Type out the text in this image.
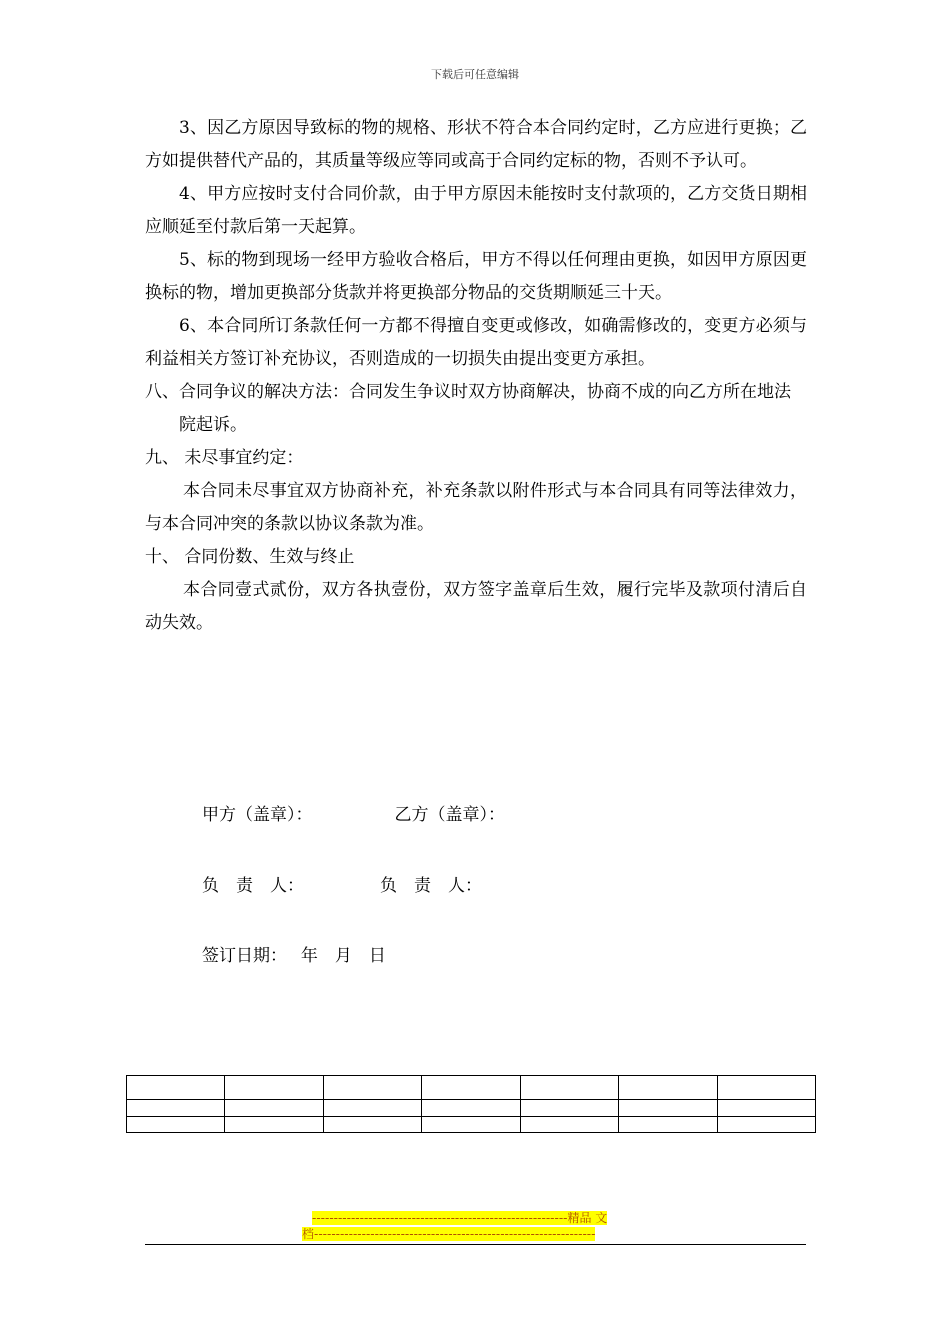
下载后可任意编辑

3、因乙方原因导致标的物的规格、形状不符合本合同约定时，乙方应进行更换；乙方如提供替代产品的，其质量等级应等同或高于合同约定标的物，否则不予认可。

4、甲方应按时支付合同价款，由于甲方原因未能按时支付款项的，乙方交货日期相应顺延至付款后第一天起算。

5、标的物到现场一经甲方验收合格后，甲方不得以任何理由更换，如因甲方原因更换标的物，增加更换部分货款并将更换部分物品的交货期顺延三十天。

6、本合同所订条款任何一方都不得擅自变更或修改，如确需修改的，变更方必须与利益相关方签订补充协议，否则造成的一切损失由提出变更方承担。

八、合同争议的解决方法：合同发生争议时双方协商解决，协商不成的向乙方所在地法院起诉。

九、 未尽事宜约定：

本合同未尽事宜双方协商补充，补充条款以附件形式与本合同具有同等法律效力，与本合同冲突的条款以协议条款为准。

十、 合同份数、生效与终止

本合同壹式贰份，双方各执壹份，双方签字盖章后生效，履行完毕及款项付清后自动失效。

甲方（盖章）：	乙方（盖章）：
负　责　人：	负　责　人：
签订日期：　 年　月　日

-----------------------------------------------------------精品 文
档-----------------------------------------------------------------
